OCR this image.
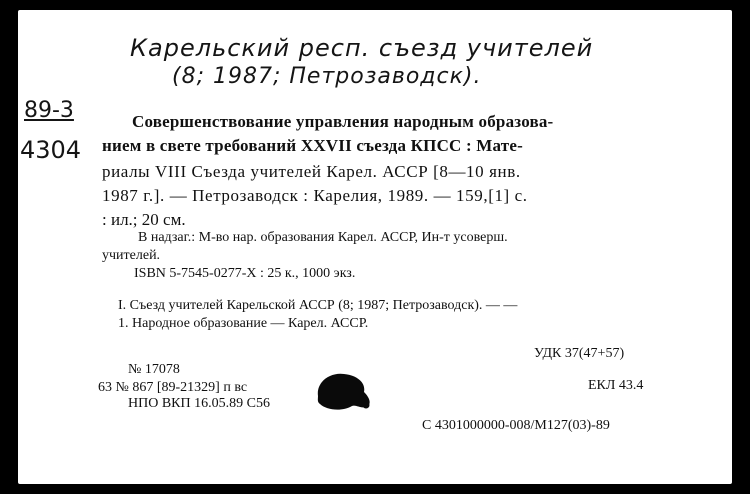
Карельский респ. съезд учителей
(8; 1987; Петрозаводск).
89-3
4304
Совершенствование управления народным образова-
нием в свете требований XXVII съезда КПСС : Мате-
риалы VIII Съезда учителей Карел. АССР [8—10 янв.
1987 г.]. — Петрозаводск : Карелия, 1989. — 159,[1] с.
: ил.; 20 см.
В надзаг.: М-во нар. образования Карел. АССР, Ин-т усоверш.
учителей.
ISBN 5-7545-0277-X : 25 к., 1000 экз.
I. Съезд учителей Карельской АССР (8; 1987; Петрозаводск). — —
1. Народное образование — Карел. АССР.
УДК 37(47+57)
№ 17078
63 № 867 [89-21329] п вс	ЕКЛ 43.4
НПО ВКП 16.05.89 С56
С 4301000000-008/М127(03)-89
